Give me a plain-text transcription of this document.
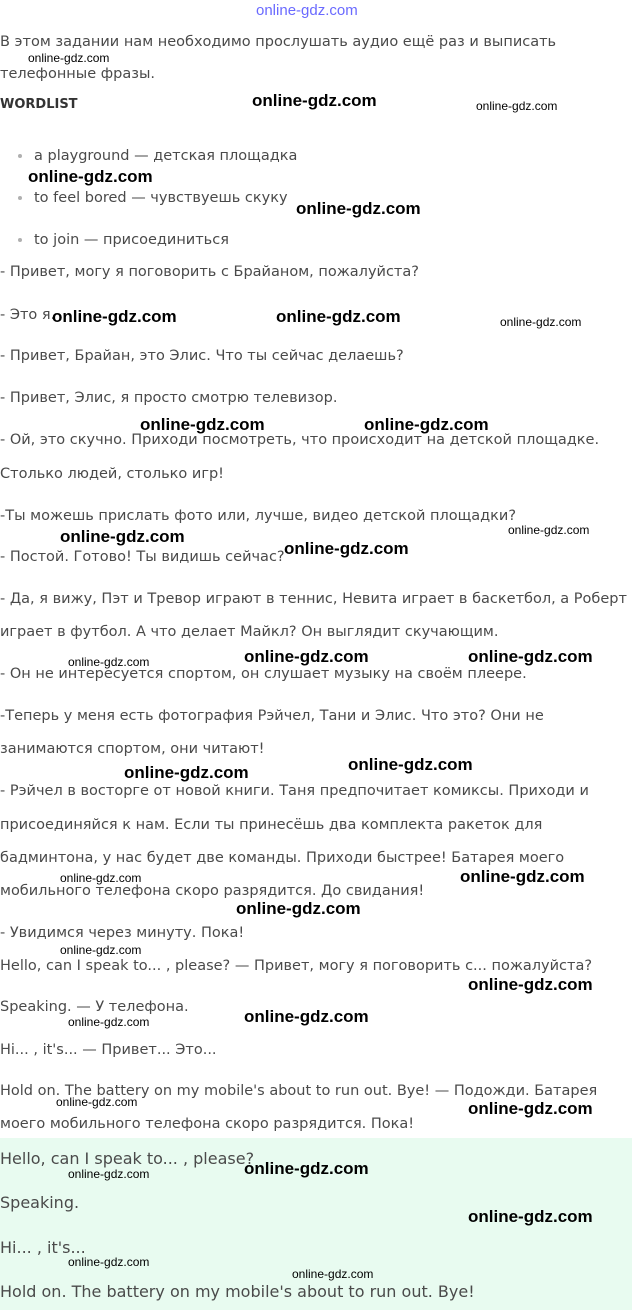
online-gdz.com
В этом задании нам необходимо прослушать аудио ещё раз и выписать
телефонные фразы.
WORDLIST
a playground — детская площадка
to feel bored — чувствуешь скуку
to join — присоединиться
- Привет, могу я поговорить с Брайаном, пожалуйста?
- Это я.
- Привет, Брайан, это Элис. Что ты сейчас делаешь?
- Привет, Элис, я просто смотрю телевизор.
- Ой, это скучно. Приходи посмотреть, что происходит на детской площадке.
Столько людей, столько игр!
-Ты можешь прислать фото или, лучше, видео детской площадки?
- Постой. Готово! Ты видишь сейчас?
- Да, я вижу, Пэт и Тревор играют в теннис, Невита играет в баскетбол, а Роберт
играет в футбол. А что делает Майкл? Он выглядит скучающим.
- Он не интересуется спортом, он слушает музыку на своём плеере.
-Теперь у меня есть фотография Рэйчел, Тани и Элис. Что это? Они не
занимаются спортом, они читают!
- Рэйчел в восторге от новой книги. Таня предпочитает комиксы. Приходи и
присоединяйся к нам. Если ты принесёшь два комплекта ракеток для
бадминтона, у нас будет две команды. Приходи быстрее! Батарея моего
мобильного телефона скоро разрядится. До свидания!
- Увидимся через минуту. Пока!
Hello, can I speak to... , please? — Привет, могу я поговорить с... пожалуйста?
Speaking. — У телефона.
Hi... , it's... — Привет... Это...
Hold on. The battery on my mobile's about to run out. Bye! — Подожди. Батарея
моего мобильного телефона скоро разрядится. Пока!
Hello, can I speak to... , please?
Speaking.
Hi... , it's...
Hold on. The battery on my mobile's about to run out. Bye!
online-gdz.com
online-gdz.com	online-gdz.com
online-gdz.com
online-gdz.com
online-gdz.com	online-gdz.com	online-gdz.com
online-gdz.com	online-gdz.com
online-gdz.com
online-gdz.com
online-gdz.com
online-gdz.com	online-gdz.com	online-gdz.com
online-gdz.com	online-gdz.com
online-gdz.com	online-gdz.com
online-gdz.com
online-gdz.com
online-gdz.com
online-gdz.com	online-gdz.com
online-gdz.com	online-gdz.com
online-gdz.com
online-gdz.com
online-gdz.com
online-gdz.com
online-gdz.com
